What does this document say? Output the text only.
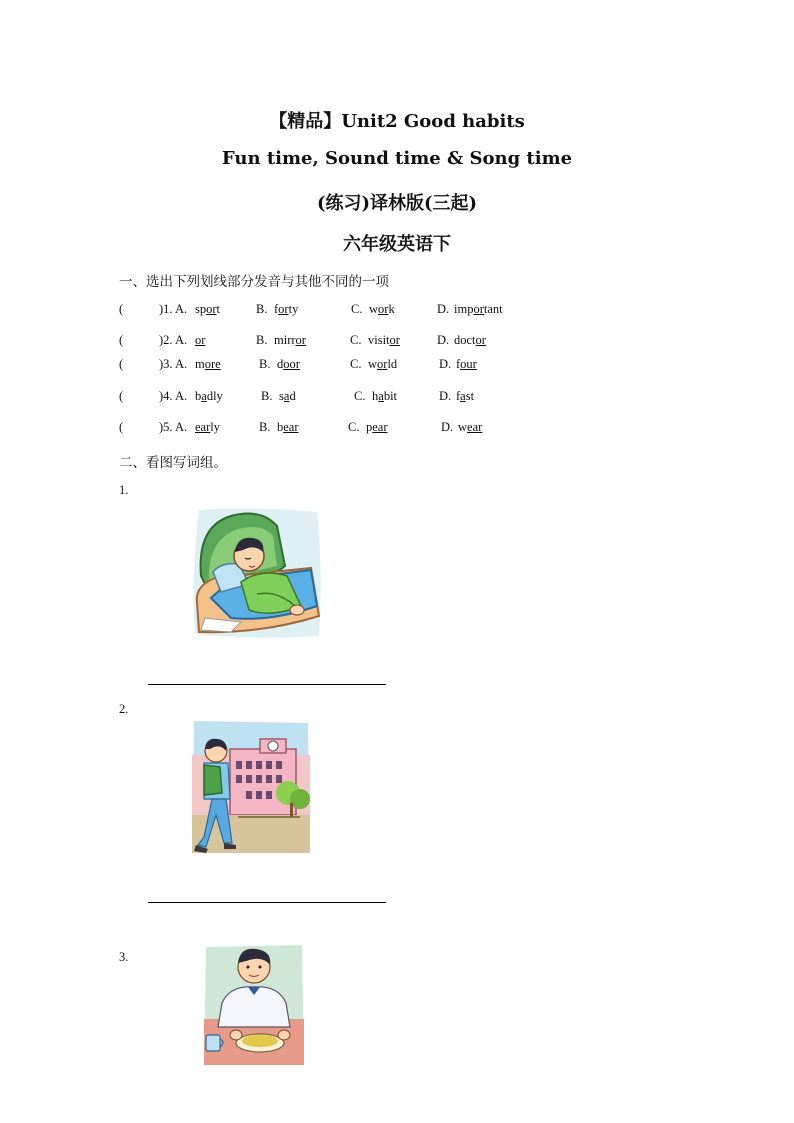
【精品】Unit2 Good habits
Fun time, Sound time & Song time
(练习)译林版(三起)
六年级英语下
一、选出下列划线部分发音与其他不同的一项
(	)1. A. sport	B. forty	C. work	D. important
(	)2. A. or	B. mirror	C. visitor	D. doctor
(	)3. A. more	B. door	C. world	D. four
(	)4. A. badly	B. sad	C. habit	D. fast
(	)5. A. early	B. bear	C. pear	D. wear
二、看图写词组。
1.
2.
3.
